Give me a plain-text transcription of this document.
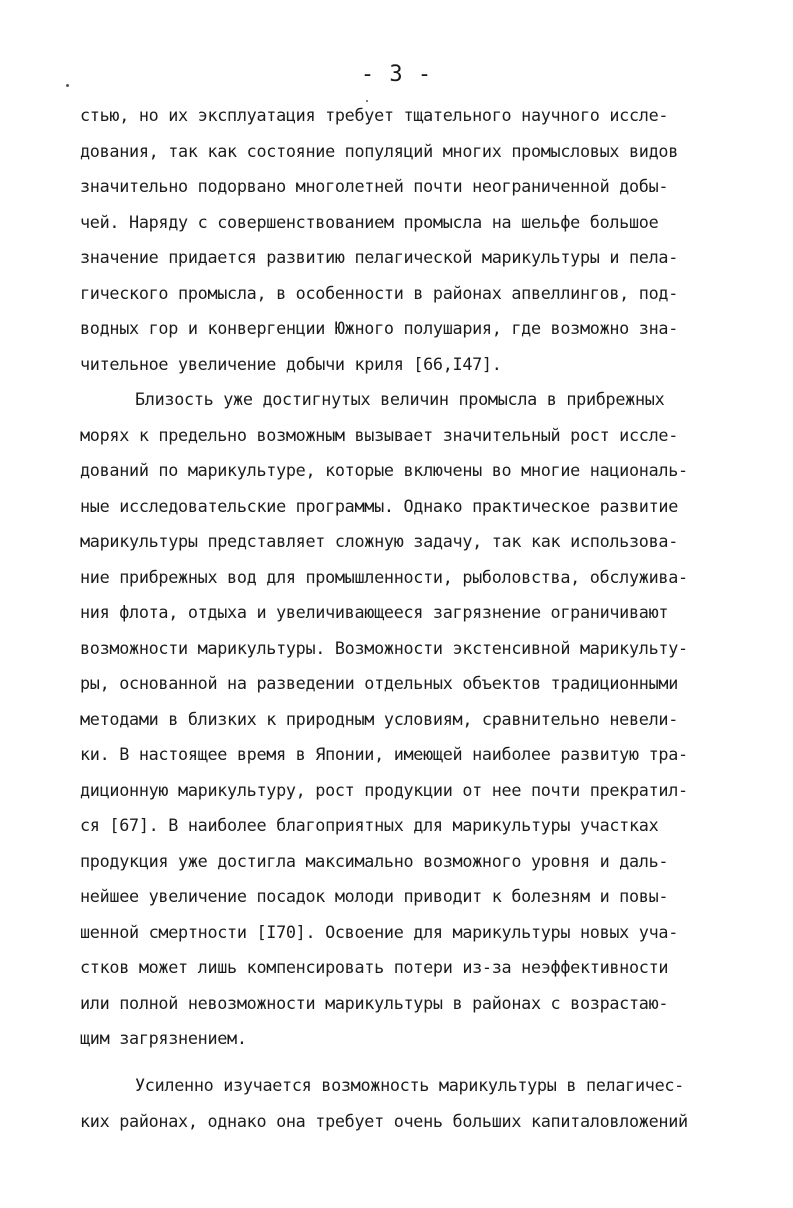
- 3 -
стью, но их эксплуатация требует тщательного научного иссле-
дования, так как состояние популяций многих промысловых видов
значительно подорвано многолетней почти неограниченной добы-
чей. Наряду с совершенствованием промысла на шельфе большое
значение придается развитию пелагической марикультуры и пела-
гического промысла, в особенности в районах апвеллингов, под-
водных гор и конвергенции Южного полушария, где возможно зна-
чительное увеличение добычи криля [66,I47].
Близость уже достигнутых величин промысла в прибрежных
морях к предельно возможным вызывает значительный рост иссле-
дований по марикультуре, которые включены во многие националь-
ные исследовательские программы. Однако практическое развитие
марикультуры представляет сложную задачу, так как использова-
ние прибрежных вод для промышленности, рыболовства, обслужива-
ния флота, отдыха и увеличивающееся загрязнение ограничивают
возможности марикультуры. Возможности экстенсивной марикульту-
ры, основанной на разведении отдельных объектов традиционными
методами в близких к природным условиям, сравнительно невели-
ки. В настоящее время в Японии, имеющей наиболее развитую тра-
диционную марикультуру, рост продукции от нее почти прекратил-
ся [67]. В наиболее благоприятных для марикультуры участках
продукция уже достигла максимально возможного уровня и даль-
нейшее увеличение посадок молоди приводит к болезням и повы-
шенной смертности [I70]. Освоение для марикультуры новых уча-
стков может лишь компенсировать потери из-за неэффективности
или полной невозможности марикультуры в районах с возрастаю-
щим загрязнением.
Усиленно изучается возможность марикультуры в пелагичес-
ких районах, однако она требует очень больших капиталовложений
